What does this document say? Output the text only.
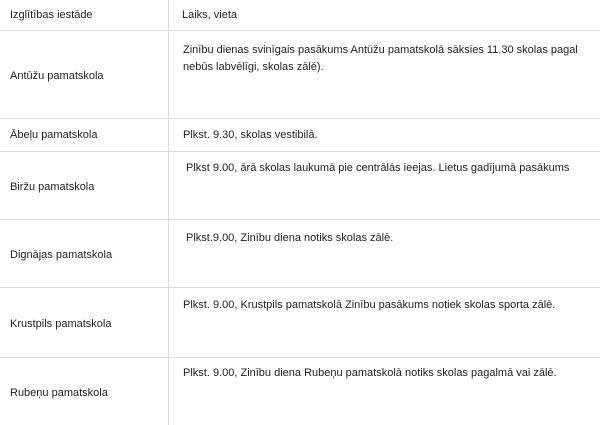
Izglītības iestāde	Laiks, vieta
Antūžu pamatskola
Zinību dienas svinīgais pasākums Antūžu pamatskolā sāksies 11.30 skolas pagal
nebūs labvēlīgi, skolas zālē).
Ābeļu pamatskola	Plkst. 9.30, skolas vestibilā.
Biržu pamatskola
Plkst 9.00, ārā skolas laukumā pie centrālās ieejas. Lietus gadījumā pasākums
Dignājas pamatskola
Plkst.9.00, Zinību diena notiks skolas zālē.
Krustpils pamatskola
Plkst. 9.00, Krustpils pamatskolā Zinību pasākums notiek skolas sporta zālē.
Rubeņu pamatskola
Plkst. 9.00, Zinību diena Rubeņu pamatskolā notiks skolas pagalmā vai zālē.
